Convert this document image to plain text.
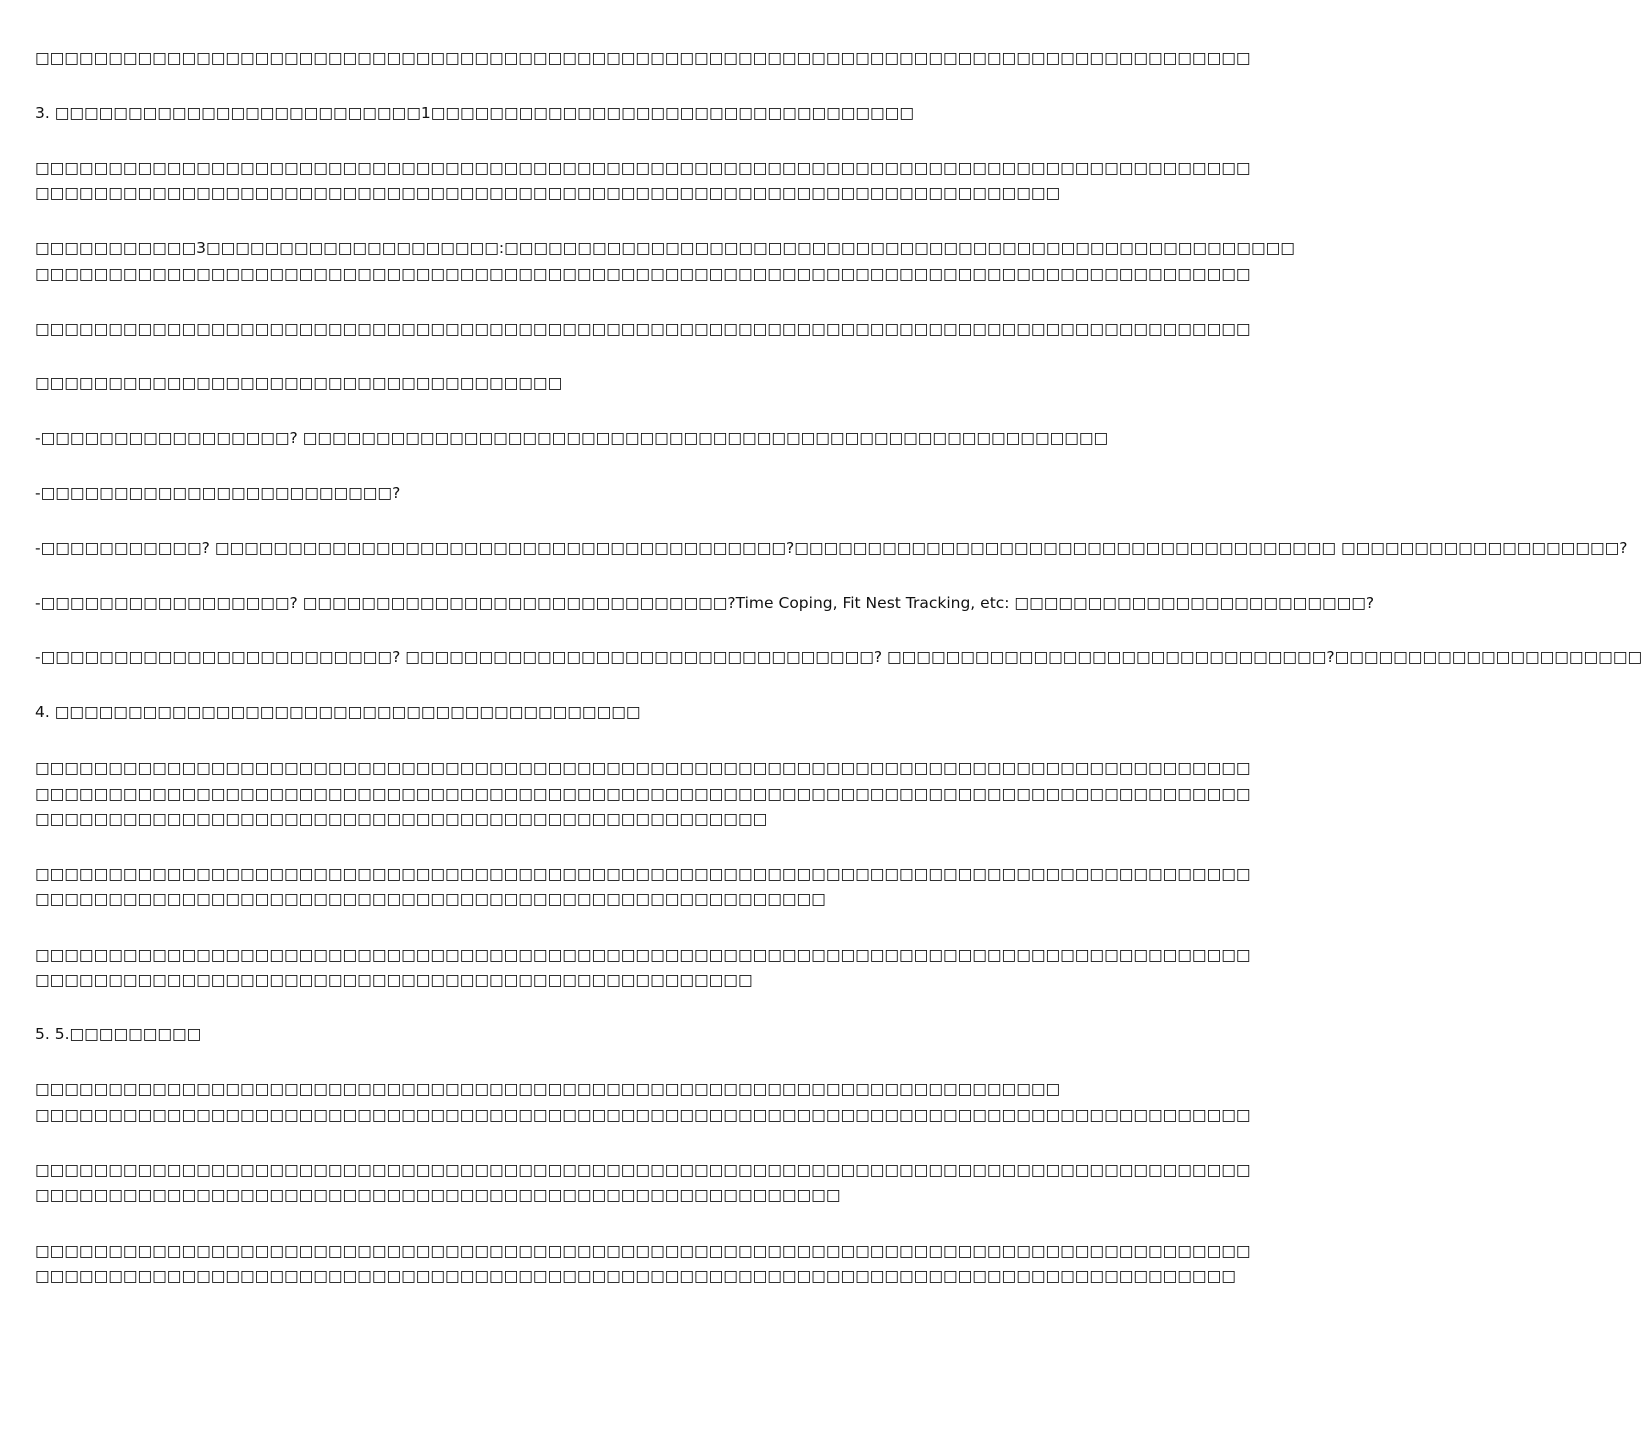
□□□□□□□□□□□□□□□□□□□□□□□□□□□□□□□□□□□□□□□□□□□□□□□□□□□□□□□□□□□□□□□□□□□□□□□□□□□□□□□□□□□
3. □□□□□□□□□□□□□□□□□□□□□□□□□1□□□□□□□□□□□□□□□□□□□□□□□□□□□□□□□□□
□□□□□□□□□□□□□□□□□□□□□□□□□□□□□□□□□□□□□□□□□□□□□□□□□□□□□□□□□□□□□□□□□□□□□□□□□□□□□□□□□□□
□□□□□□□□□□□□□□□□□□□□□□□□□□□□□□□□□□□□□□□□□□□□□□□□□□□□□□□□□□□□□□□□□□□□□□
□□□□□□□□□□□3□□□□□□□□□□□□□□□□□□□□:□□□□□□□□□□□□□□□□□□□□□□□□□□□□□□□□□□□□□□□□□□□□□□□□□□□□□□
□□□□□□□□□□□□□□□□□□□□□□□□□□□□□□□□□□□□□□□□□□□□□□□□□□□□□□□□□□□□□□□□□□□□□□□□□□□□□□□□□□□
□□□□□□□□□□□□□□□□□□□□□□□□□□□□□□□□□□□□□□□□□□□□□□□□□□□□□□□□□□□□□□□□□□□□□□□□□□□□□□□□□□□
□□□□□□□□□□□□□□□□□□□□□□□□□□□□□□□□□□□□
-□□□□□□□□□□□□□□□□□? □□□□□□□□□□□□□□□□□□□□□□□□□□□□□□□□□□□□□□□□□□□□□□□□□□□□□□□
-□□□□□□□□□□□□□□□□□□□□□□□□?
-□□□□□□□□□□□? □□□□□□□□□□□□□□□□□□□□□□□□□□□□□□□□□□□□□□□?□□□□□□□□□□□□□□□□□□□□□□□□□□□□□□□□□□□□□ □□□□□□□□□□□□□□□□□□□?
-□□□□□□□□□□□□□□□□□? □□□□□□□□□□□□□□□□□□□□□□□□□□□□□?Time Coping, Fit Nest Tracking, etc: □□□□□□□□□□□□□□□□□□□□□□□□?
-□□□□□□□□□□□□□□□□□□□□□□□□? □□□□□□□□□□□□□□□□□□□□□□□□□□□□□□□□? □□□□□□□□□□□□□□□□□□□□□□□□□□□□□□?□□□□□□□□□□□□□□□□□□□□□
4. □□□□□□□□□□□□□□□□□□□□□□□□□□□□□□□□□□□□□□□□
□□□□□□□□□□□□□□□□□□□□□□□□□□□□□□□□□□□□□□□□□□□□□□□□□□□□□□□□□□□□□□□□□□□□□□□□□□□□□□□□□□□
□□□□□□□□□□□□□□□□□□□□□□□□□□□□□□□□□□□□□□□□□□□□□□□□□□□□□□□□□□□□□□□□□□□□□□□□□□□□□□□□□□□
□□□□□□□□□□□□□□□□□□□□□□□□□□□□□□□□□□□□□□□□□□□□□□□□□□
□□□□□□□□□□□□□□□□□□□□□□□□□□□□□□□□□□□□□□□□□□□□□□□□□□□□□□□□□□□□□□□□□□□□□□□□□□□□□□□□□□□
□□□□□□□□□□□□□□□□□□□□□□□□□□□□□□□□□□□□□□□□□□□□□□□□□□□□□□
□□□□□□□□□□□□□□□□□□□□□□□□□□□□□□□□□□□□□□□□□□□□□□□□□□□□□□□□□□□□□□□□□□□□□□□□□□□□□□□□□□□
□□□□□□□□□□□□□□□□□□□□□□□□□□□□□□□□□□□□□□□□□□□□□□□□□
5. 5.□□□□□□□□□
□□□□□□□□□□□□□□□□□□□□□□□□□□□□□□□□□□□□□□□□□□□□□□□□□□□□□□□□□□□□□□□□□□□□□□
□□□□□□□□□□□□□□□□□□□□□□□□□□□□□□□□□□□□□□□□□□□□□□□□□□□□□□□□□□□□□□□□□□□□□□□□□□□□□□□□□□□
□□□□□□□□□□□□□□□□□□□□□□□□□□□□□□□□□□□□□□□□□□□□□□□□□□□□□□□□□□□□□□□□□□□□□□□□□□□□□□□□□□□
□□□□□□□□□□□□□□□□□□□□□□□□□□□□□□□□□□□□□□□□□□□□□□□□□□□□□□□
□□□□□□□□□□□□□□□□□□□□□□□□□□□□□□□□□□□□□□□□□□□□□□□□□□□□□□□□□□□□□□□□□□□□□□□□□□□□□□□□□□□
□□□□□□□□□□□□□□□□□□□□□□□□□□□□□□□□□□□□□□□□□□□□□□□□□□□□□□□□□□□□□□□□□□□□□□□□□□□□□□□□□□
